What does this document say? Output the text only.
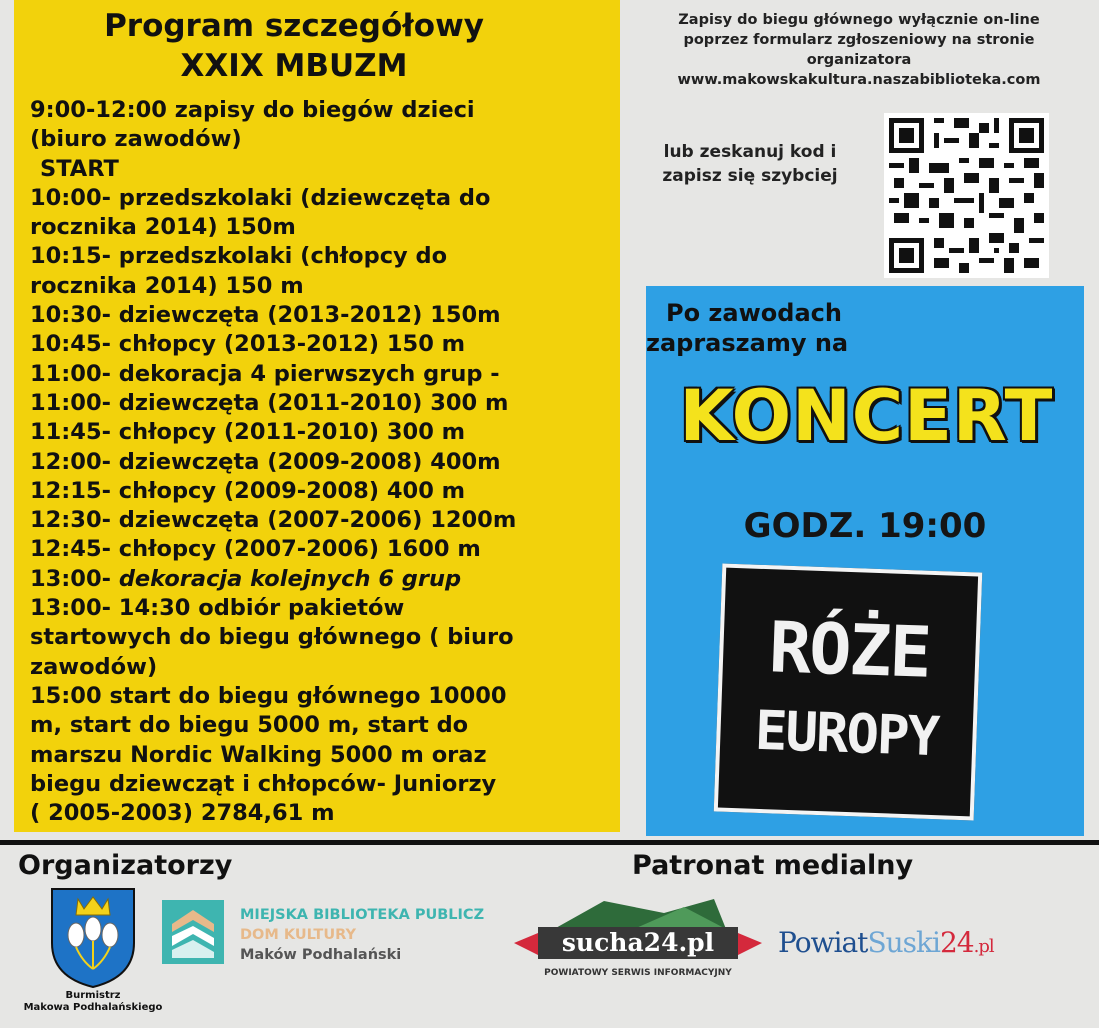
Program szczegółowy
XXIX MBUZM
9:00-12:00 zapisy do biegów dzieci
(biuro zawodów)
START
10:00- przedszkolaki (dziewczęta do
rocznika 2014) 150m
10:15- przedszkolaki (chłopcy do
rocznika 2014) 150 m
10:30- dziewczęta (2013-2012) 150m
10:45- chłopcy (2013-2012) 150 m
11:00- dekoracja 4 pierwszych grup -
11:00- dziewczęta (2011-2010) 300 m
11:45- chłopcy (2011-2010) 300 m
12:00- dziewczęta (2009-2008) 400m
12:15- chłopcy (2009-2008) 400 m
12:30- dziewczęta (2007-2006) 1200m
12:45- chłopcy (2007-2006) 1600 m
13:00- dekoracja kolejnych 6 grup
13:00- 14:30 odbiór pakietów
startowych do biegu głównego ( biuro
zawodów)
15:00 start do biegu głównego 10000
m, start do biegu 5000 m, start do
marszu Nordic Walking 5000 m oraz
biegu dziewcząt i chłopców- Juniorzy
( 2005-2003) 2784,61 m
Zapisy do biegu głównego wyłącznie on-line
poprzez formularz zgłoszeniowy na stronie
organizatora
www.makowskakultura.naszabiblioteka.com
lub zeskanuj kod i
zapisz się szybciej
Po zawodach
zapraszamy na
KONCERT
GODZ. 19:00
RÓŻE
EUROPY
Organizatorzy	Patronat medialny
Burmistrz
Makowa Podhalańskiego
MIEJSKA BIBLIOTEKA PUBLICZ
DOM KULTURY
Maków Podhalański	sucha24.pl
POWIATOWY SERWIS INFORMACYJNY
PowiatSuski24.pl
